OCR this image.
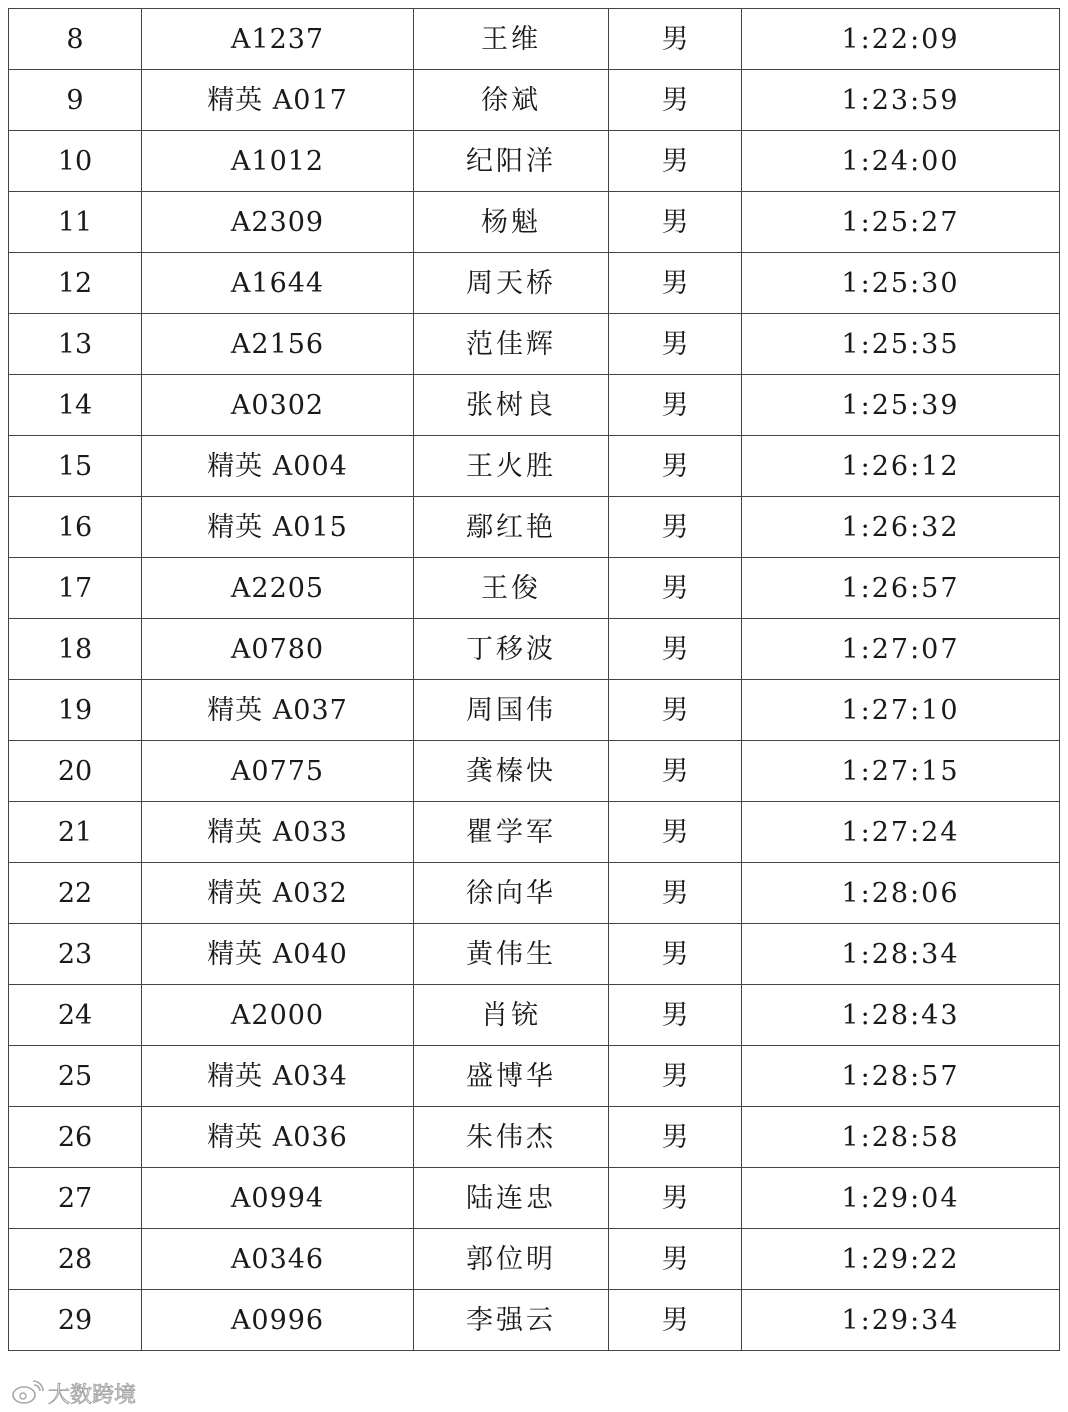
8	A1237	王维	男	1:22:09
9	精英 A017	徐斌	男	1:23:59
10	A1012	纪阳洋	男	1:24:00
11	A2309	杨魁	男	1:25:27
12	A1644	周天桥	男	1:25:30
13	A2156	范佳辉	男	1:25:35
14	A0302	张树良	男	1:25:39
15	精英 A004	王火胜	男	1:26:12
16	精英 A015	鄢红艳	男	1:26:32
17	A2205	王俊	男	1:26:57
18	A0780	丁移波	男	1:27:07
19	精英 A037	周国伟	男	1:27:10
20	A0775	龚榛快	男	1:27:15
21	精英 A033	瞿学军	男	1:27:24
22	精英 A032	徐向华	男	1:28:06
23	精英 A040	黄伟生	男	1:28:34
24	A2000	肖铳	男	1:28:43
25	精英 A034	盛博华	男	1:28:57
26	精英 A036	朱伟杰	男	1:28:58
27	A0994	陆连忠	男	1:29:04
28	A0346	郭位明	男	1:29:22
29	A0996	李强云	男	1:29:34
大数跨境
